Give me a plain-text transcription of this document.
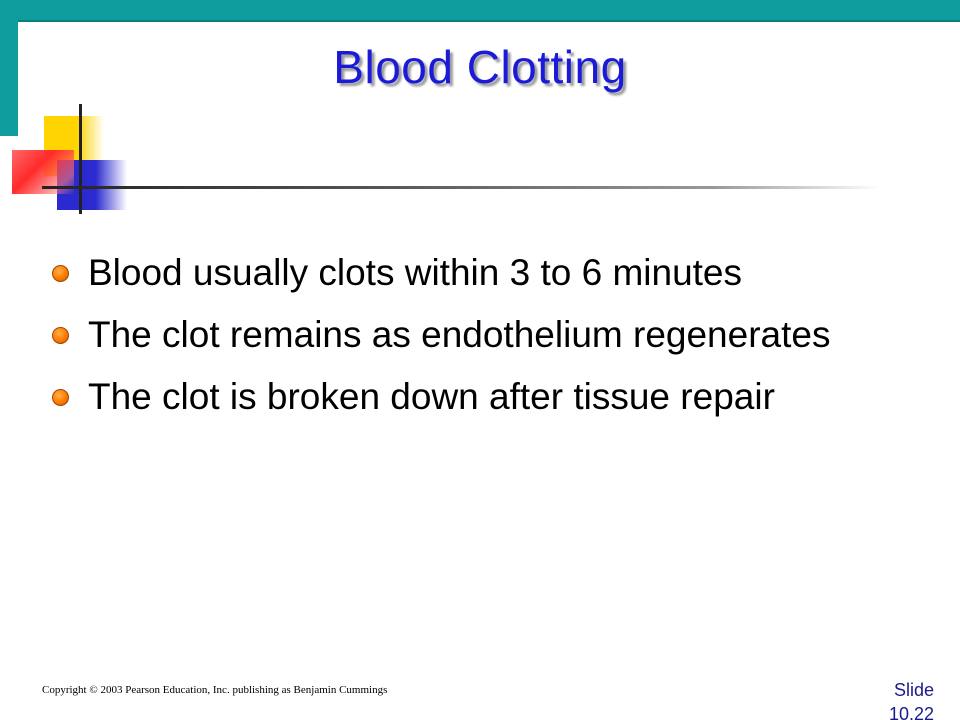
Blood Clotting
Blood usually clots within 3 to 6 minutes
The clot remains as endothelium regenerates
The clot is broken down after tissue repair
Copyright © 2003 Pearson Education, Inc. publishing as Benjamin Cummings	Slide
10.22
